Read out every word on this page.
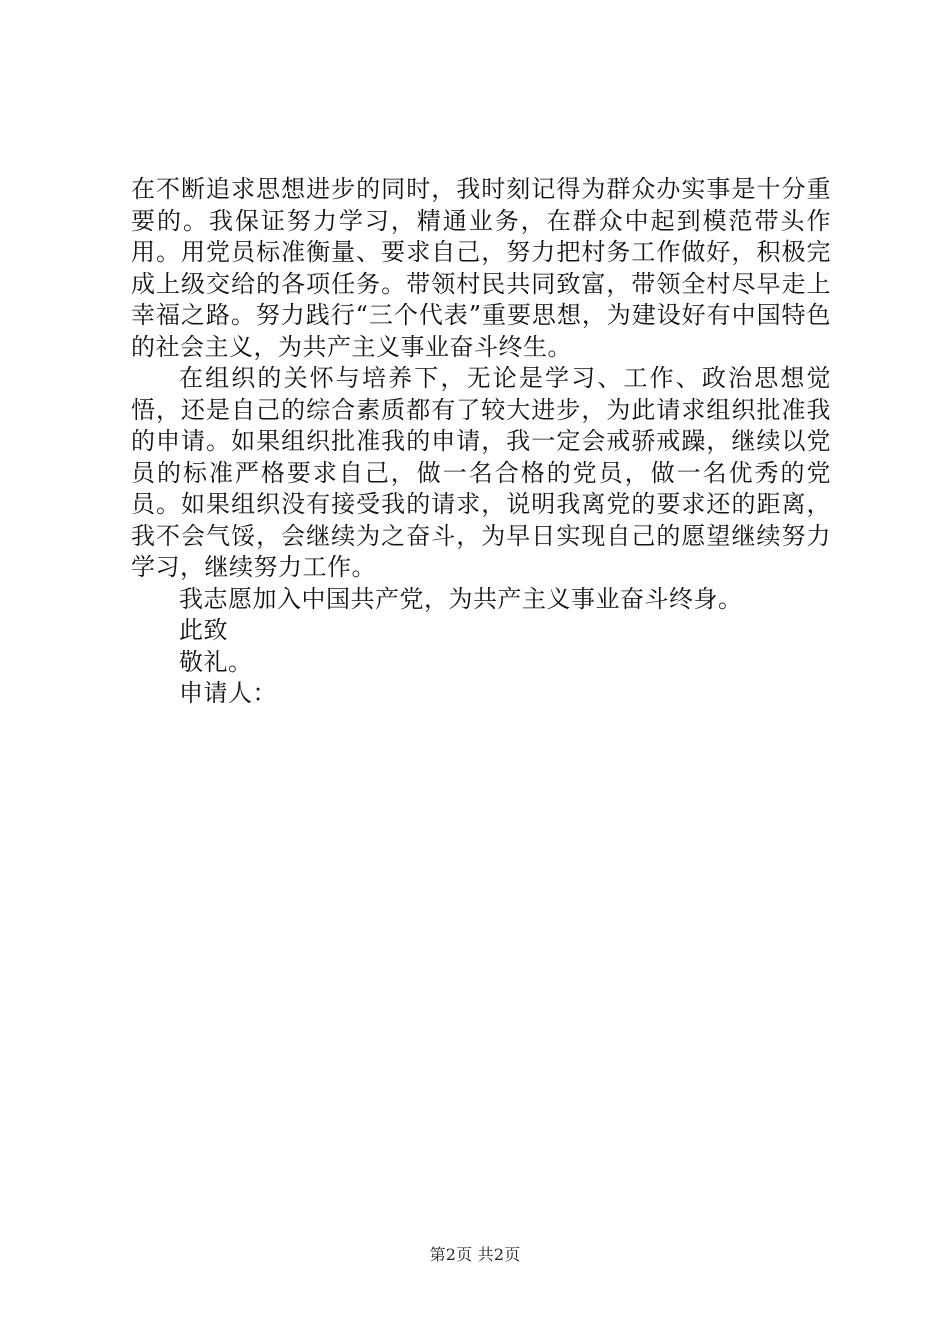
在不断追求思想进步的同时，我时刻记得为群众办实事是十分重要的。我保证努力学习，精通业务，在群众中起到模范带头作用。用党员标准衡量、要求自己，努力把村务工作做好，积极完成上级交给的各项任务。带领村民共同致富，带领全村尽早走上幸福之路。努力践行“三个代表”重要思想，为建设好有中国特色的社会主义，为共产主义事业奋斗终生。

在组织的关怀与培养下，无论是学习、工作、政治思想觉悟，还是自己的综合素质都有了较大进步，为此请求组织批准我的申请。如果组织批准我的申请，我一定会戒骄戒躁，继续以党员的标准严格要求自己，做一名合格的党员，做一名优秀的党员。如果组织没有接受我的请求，说明我离党的要求还的距离，我不会气馁，会继续为之奋斗，为早日实现自己的愿望继续努力学习，继续努力工作。

我志愿加入中国共产党，为共产主义事业奋斗终身。

此致

敬礼。

申请人：

第2页 共2页
